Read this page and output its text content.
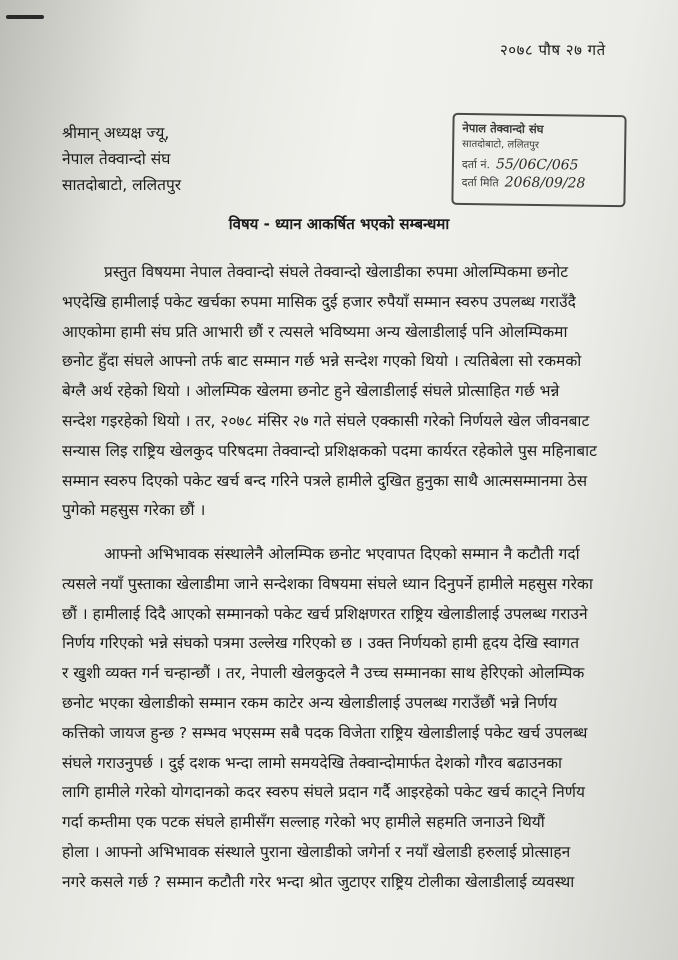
२०७८ पौष २७ गते
श्रीमान् अध्यक्ष ज्यू,
नेपाल तेक्वान्दो संघ
सातदोबाटो, ललितपुर
नेपाल तेक्वान्दो संघ
सातदोबाटो, ललितपुर
दर्ता नं. 55/06C/065
दर्ता मिति 2068/09/28
विषय - ध्यान आकर्षित भएको सम्बन्धमा
प्रस्तुत विषयमा नेपाल तेक्वान्दो संघले तेक्वान्दो खेलाडीका रुपमा ओलम्पिकमा छनोट
भएदेखि हामीलाई पकेट खर्चका रुपमा मासिक दुई हजार रुपैयाँ सम्मान स्वरुप उपलब्ध गराउँदै
आएकोमा हामी संघ प्रति आभारी छौं र त्यसले भविष्यमा अन्य खेलाडीलाई पनि ओलम्पिकमा
छनोट हुँदा संघले आफ्नो तर्फ बाट सम्मान गर्छ भन्ने सन्देश गएको थियो । त्यतिबेला सो रकमको
बेग्लै अर्थ रहेको थियो । ओलम्पिक खेलमा छनोट हुने खेलाडीलाई संघले प्रोत्साहित गर्छ भन्ने
सन्देश गइरहेको थियो । तर, २०७८ मंसिर २७ गते संघले एक्कासी गरेको निर्णयले खेल जीवनबाट
सन्यास लिइ राष्ट्रिय खेलकुद परिषदमा तेक्वान्दो प्रशिक्षकको पदमा कार्यरत रहेकोले पुस महिनाबाट
सम्मान स्वरुप दिएको पकेट खर्च बन्द गरिने पत्रले हामीले दुखित हुनुका साथै आत्मसम्मानमा ठेस
पुगेको महसुस गरेका छौं ।
आफ्नो अभिभावक संस्थालेनै ओलम्पिक छनोट भएवापत दिएको सम्मान नै कटौती गर्दा
त्यसले नयाँ पुस्ताका खेलाडीमा जाने सन्देशका विषयमा संघले ध्यान दिनुपर्ने हामीले महसुस गरेका
छौं । हामीलाई दिदै आएको सम्मानको पकेट खर्च प्रशिक्षणरत राष्ट्रिय खेलाडीलाई उपलब्ध गराउने
निर्णय गरिएको भन्ने संघको पत्रमा उल्लेख गरिएको छ । उक्त निर्णयको हामी हृदय देखि स्वागत
र खुशी व्यक्त गर्न चन्हान्छौं । तर, नेपाली खेलकुदले नै उच्च सम्मानका साथ हेरिएको ओलम्पिक
छनोट भएका खेलाडीको सम्मान रकम काटेर अन्य खेलाडीलाई उपलब्ध गराउँछौं भन्ने निर्णय
कत्तिको जायज हुन्छ ? सम्भव भएसम्म सबै पदक विजेता राष्ट्रिय खेलाडीलाई पकेट खर्च उपलब्ध
संघले गराउनुपर्छ । दुई दशक भन्दा लामो समयदेखि तेक्वान्दोमार्फत देशको गौरव बढाउनका
लागि हामीले गरेको योगदानको कदर स्वरुप संघले प्रदान गर्दै आइरहेको पकेट खर्च काट्ने निर्णय
गर्दा कम्तीमा एक पटक संघले हामीसँग सल्लाह गरेको भए हामीले सहमति जनाउने थियौं
होला । आफ्नो अभिभावक संस्थाले पुराना खेलाडीको जगेर्ना र नयाँ खेलाडी हरुलाई प्रोत्साहन
नगरे कसले गर्छ ? सम्मान कटौती गरेर भन्दा श्रोत जुटाएर राष्ट्रिय टोलीका खेलाडीलाई व्यवस्था
